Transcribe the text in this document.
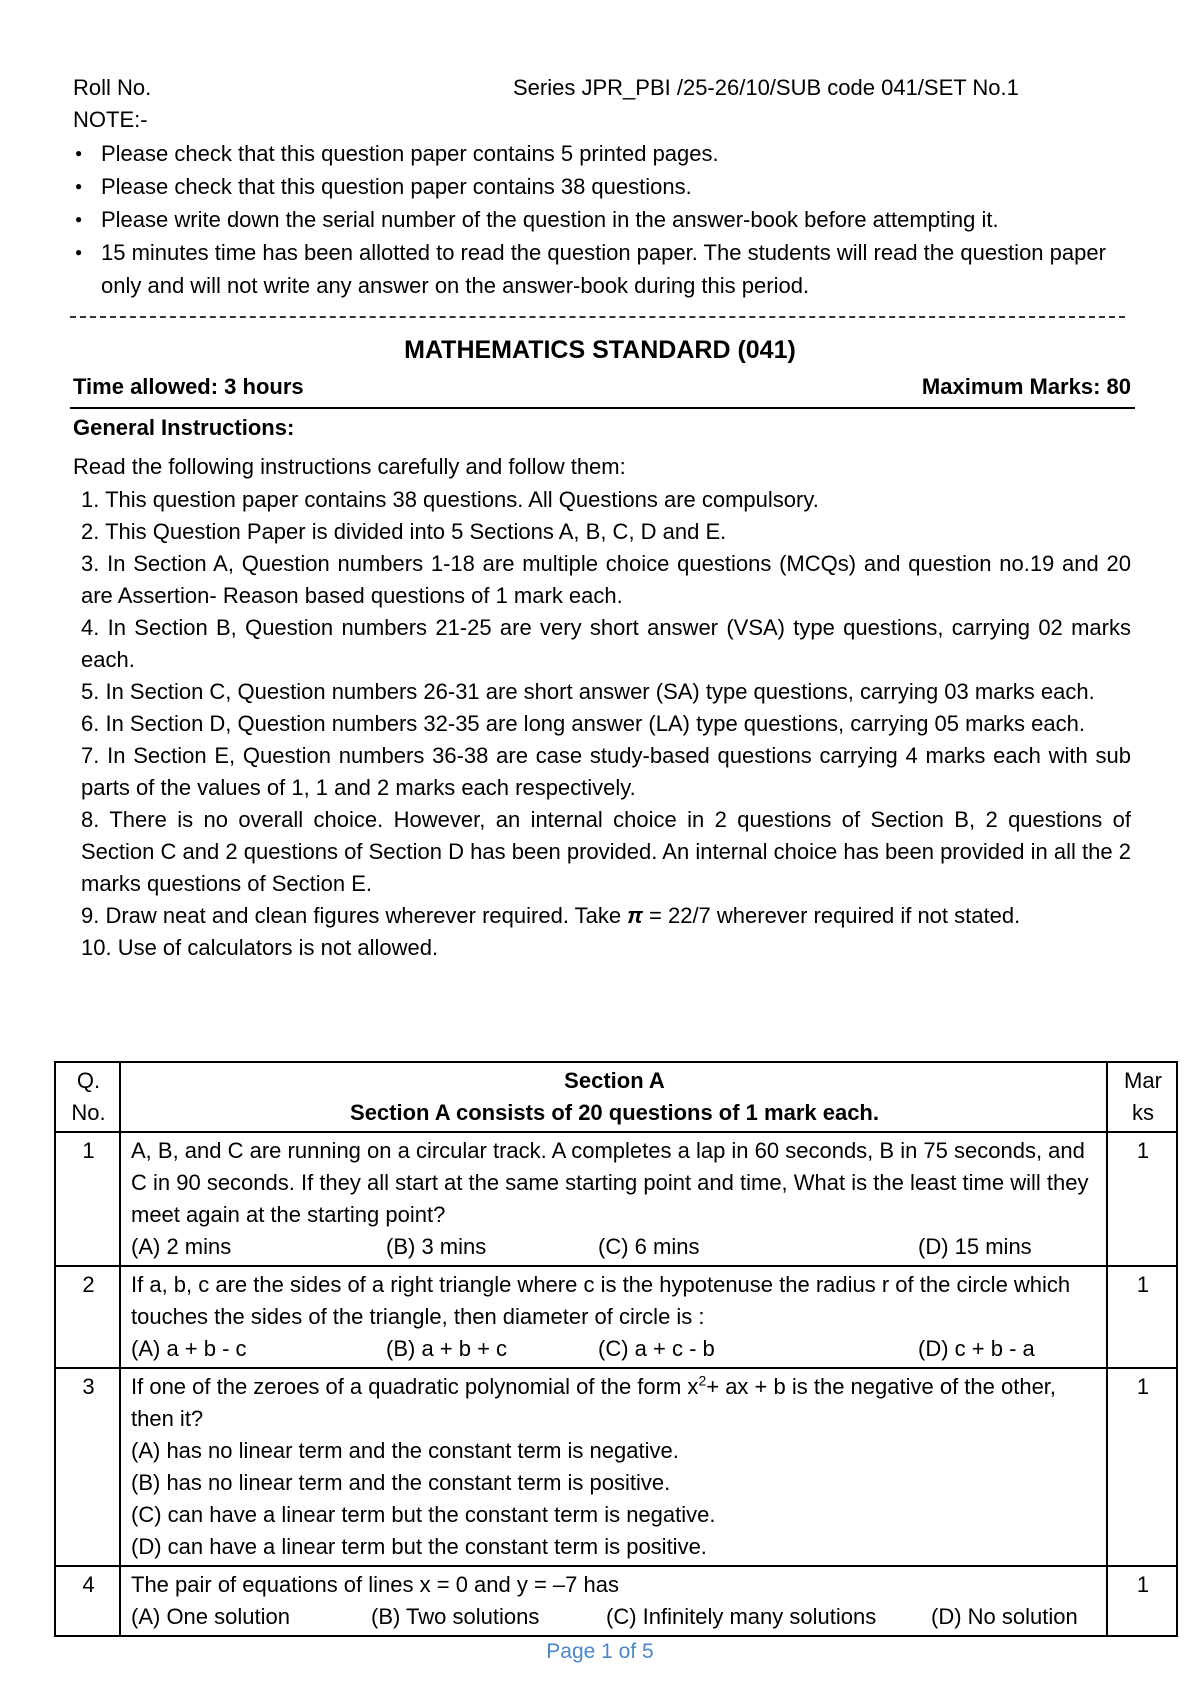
Roll No.	Series JPR_PBI /25-26/10/SUB code 041/SET No.1
NOTE:-
● Please check that this question paper contains 5 printed pages.
● Please check that this question paper contains 38 questions.
● Please write down the serial number of the question in the answer-book before attempting it.
● 15 minutes time has been allotted to read the question paper. The students will read the question paper only and will not write any answer on the answer-book during this period.
MATHEMATICS STANDARD (041)
Time allowed: 3 hours	Maximum Marks: 80
General Instructions:
Read the following instructions carefully and follow them:

1. This question paper contains 38 questions. All Questions are compulsory.

2. This Question Paper is divided into 5 Sections A, B, C, D and E.

3. In Section A, Question numbers 1-18 are multiple choice questions (MCQs) and question no.19 and 20 are Assertion- Reason based questions of 1 mark each.

4. In Section B, Question numbers 21-25 are very short answer (VSA) type questions, carrying 02 marks each.

5. In Section C, Question numbers 26-31 are short answer (SA) type questions, carrying 03 marks each.

6. In Section D, Question numbers 32-35 are long answer (LA) type questions, carrying 05 marks each.

7. In Section E, Question numbers 36-38 are case study-based questions carrying 4 marks each with sub parts of the values of 1, 1 and 2 marks each respectively.

8. There is no overall choice. However, an internal choice in 2 questions of Section B, 2 questions of Section C and 2 questions of Section D has been provided. An internal choice has been provided in all the 2 marks questions of Section E.

9. Draw neat and clean figures wherever required. Take π = 22/7 wherever required if not stated.

10. Use of calculators is not allowed.

Q. No.	Section A
Section A consists of 20 questions of 1 mark each.	Mar ks
1	A, B, and C are running on a circular track. A completes a lap in 60 seconds, B in 75 seconds, and C in 90 seconds. If they all start at the same starting point and time, What is the least time will they meet again at the starting point?
(A) 2 mins (B) 3 mins (C) 6 mins (D) 15 mins	1
2	If a, b, c are the sides of a right triangle where c is the hypotenuse the radius r of the circle which touches the sides of the triangle, then diameter of circle is :
(A) a + b - c (B) a + b + c (C) a + c - b (D) c + b - a	1
3	If one of the zeroes of a quadratic polynomial of the form $x^2+$ ax + b is the negative of the other, then it?
(A) has no linear term and the constant term is negative.
(B) has no linear term and the constant term is positive.
(C) can have a linear term but the constant term is negative.
(D) can have a linear term but the constant term is positive.	1
4	The pair of equations of lines x = 0 and y = –7 has
(A) One solution (B) Two solutions (C) Infinitely many solutions (D) No solution	1
Page 1 of 5
